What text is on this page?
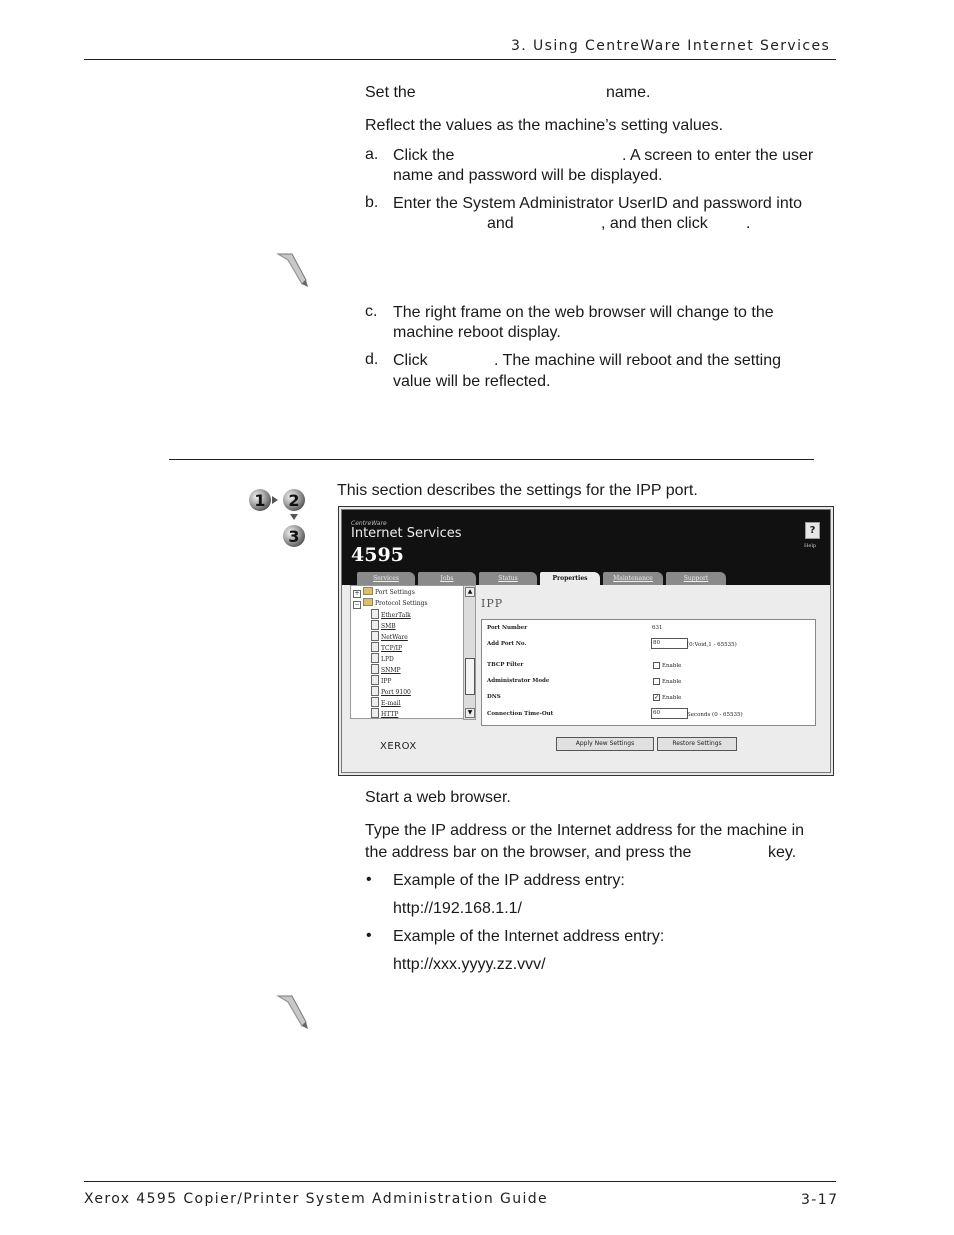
3. Using CentreWare Internet Services
Set the	name.
Reflect the values as the machine’s setting values.
a. Click the	. A screen to enter the user
name and password will be displayed.
b. Enter the System Administrator UserID and password into
and	, and then click .
c. The right frame on the web browser will change to the
machine reboot display.
d. Click	. The machine will reboot and the setting
value will be reflected.
1 2
3
This section describes the settings for the IPP port.
CentreWare
Internet Services
4595
?
Help
Services	Jobs	Status	Properties	Maintenance	Support
+	Port Settings
−	Protocol Settings
EtherTalk
SMB
NetWare
TCP/IP
LPD
SNMP
IPP
Port 9100
E-mail
HTTP
▲
▼
IPP
Port Number	631
Add Port No.	80	(0:Void,1 - 65535)
TBCP Filter	Enable
Administrator Mode	Enable
DNS	✓ Enable
Connection Time-Out	60	Seconds (0 - 65535)
Apply New Settings	Restore Settings
XEROX
Start a web browser.
Type the IP address or the Internet address for the machine in
the address bar on the browser, and press the	key.
• Example of the IP address entry:
http://192.168.1.1/
• Example of the Internet address entry:
http://xxx.yyyy.zz.vvv/
Xerox 4595 Copier/Printer System Administration Guide	3-17
